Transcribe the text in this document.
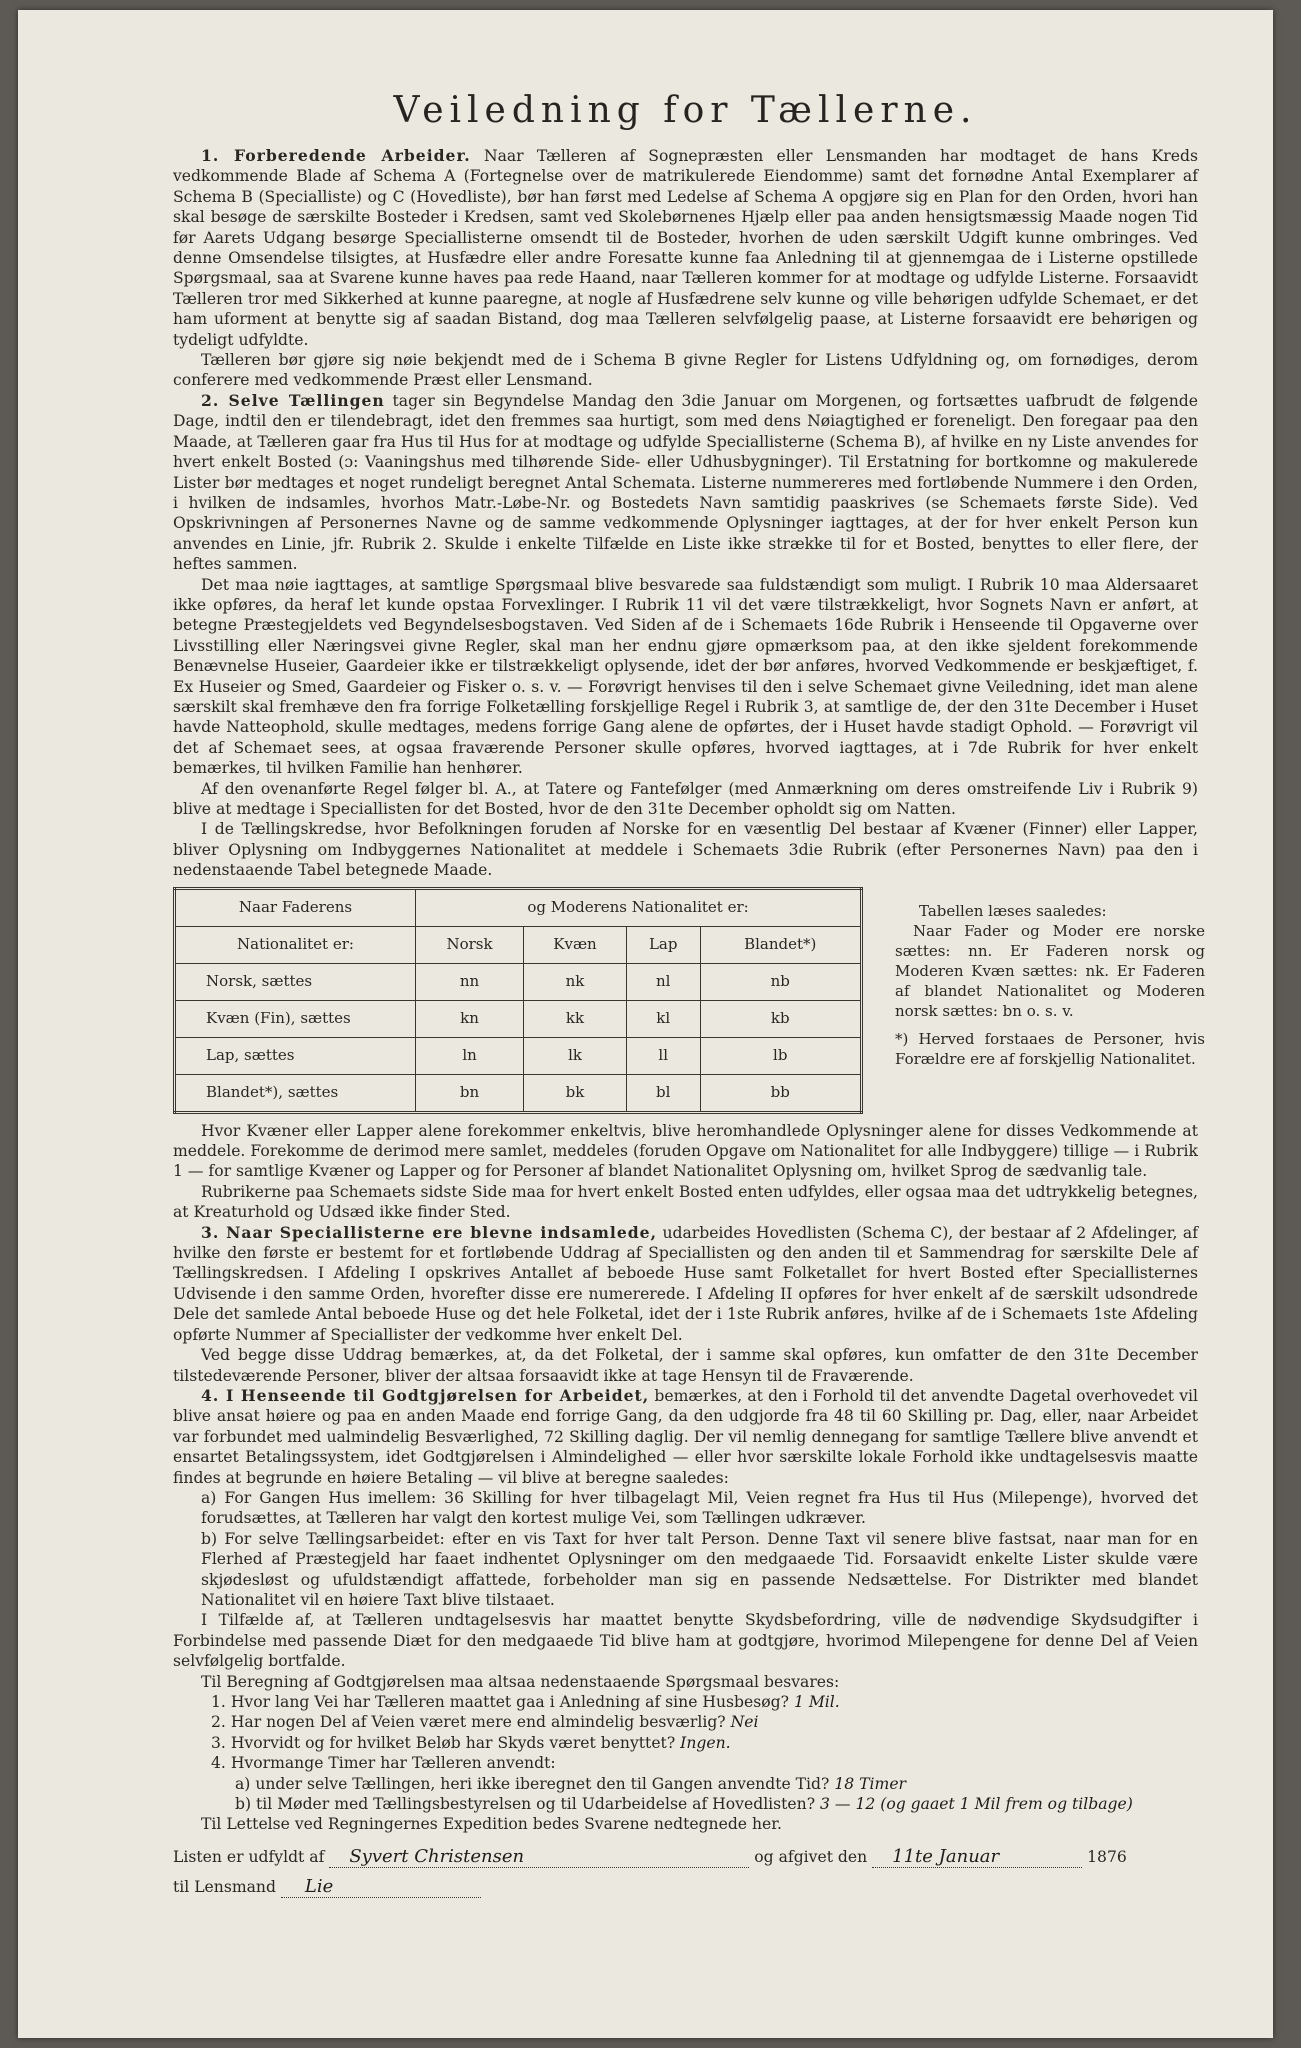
Veiledning for Tællerne.

1. Forberedende Arbeider. Naar Tælleren af Sognepræsten eller Lensmanden har modtaget de hans Kreds vedkommende Blade af Schema A (Fortegnelse over de matrikulerede Eiendomme) samt det fornødne Antal Exemplarer af Schema B (Specialliste) og C (Hovedliste), bør han først med Ledelse af Schema A opgjøre sig en Plan for den Orden, hvori han skal besøge de særskilte Bosteder i Kredsen, samt ved Skolebørnenes Hjælp eller paa anden hensigtsmæssig Maade nogen Tid før Aarets Udgang besørge Speciallisterne omsendt til de Bosteder, hvorhen de uden særskilt Udgift kunne ombringes. Ved denne Omsendelse tilsigtes, at Husfædre eller andre Foresatte kunne faa Anledning til at gjennemgaa de i Listerne opstillede Spørgsmaal, saa at Svarene kunne haves paa rede Haand, naar Tælleren kommer for at modtage og udfylde Listerne. Forsaavidt Tælleren tror med Sikkerhed at kunne paaregne, at nogle af Husfædrene selv kunne og ville behørigen udfylde Schemaet, er det ham uforment at benytte sig af saadan Bistand, dog maa Tælleren selvfølgelig paase, at Listerne forsaavidt ere behørigen og tydeligt udfyldte.

Tælleren bør gjøre sig nøie bekjendt med de i Schema B givne Regler for Listens Udfyldning og, om fornødiges, derom conferere med vedkommende Præst eller Lensmand.

2. Selve Tællingen tager sin Begyndelse Mandag den 3die Januar om Morgenen, og fortsættes uafbrudt de følgende Dage, indtil den er tilendebragt, idet den fremmes saa hurtigt, som med dens Nøiagtighed er foreneligt. Den foregaar paa den Maade, at Tælleren gaar fra Hus til Hus for at modtage og udfylde Speciallisterne (Schema B), af hvilke en ny Liste anvendes for hvert enkelt Bosted (ɔ: Vaaningshus med tilhørende Side- eller Udhusbygninger). Til Erstatning for bortkomne og makulerede Lister bør medtages et noget rundeligt beregnet Antal Schemata. Listerne nummereres med fortløbende Nummere i den Orden, i hvilken de indsamles, hvorhos Matr.-Løbe-Nr. og Bostedets Navn samtidig paaskrives (se Schemaets første Side). Ved Opskrivningen af Personernes Navne og de samme vedkommende Oplysninger iagttages, at der for hver enkelt Person kun anvendes en Linie, jfr. Rubrik 2. Skulde i enkelte Tilfælde en Liste ikke strække til for et Bosted, benyttes to eller flere, der heftes sammen.

Det maa nøie iagttages, at samtlige Spørgsmaal blive besvarede saa fuldstændigt som muligt. I Rubrik 10 maa Aldersaaret ikke opføres, da heraf let kunde opstaa Forvexlinger. I Rubrik 11 vil det være tilstrækkeligt, hvor Sognets Navn er anført, at betegne Præstegjeldets ved Begyndelsesbogstaven. Ved Siden af de i Schemaets 16de Rubrik i Henseende til Opgaverne over Livsstilling eller Næringsvei givne Regler, skal man her endnu gjøre opmærksom paa, at den ikke sjeldent forekommende Benævnelse Huseier, Gaardeier ikke er tilstrækkeligt oplysende, idet der bør anføres, hvorved Vedkommende er beskjæftiget, f. Ex Huseier og Smed, Gaardeier og Fisker o. s. v. — Forøvrigt henvises til den i selve Schemaet givne Veiledning, idet man alene særskilt skal fremhæve den fra forrige Folketælling forskjellige Regel i Rubrik 3, at samtlige de, der den 31te December i Huset havde Natteophold, skulle medtages, medens forrige Gang alene de opførtes, der i Huset havde stadigt Ophold. — Forøvrigt vil det af Schemaet sees, at ogsaa fraværende Personer skulle opføres, hvorved iagttages, at i 7de Rubrik for hver enkelt bemærkes, til hvilken Familie han henhører.

Af den ovenanførte Regel følger bl. A., at Tatere og Fantefølger (med Anmærkning om deres omstreifende Liv i Rubrik 9) blive at medtage i Speciallisten for det Bosted, hvor de den 31te December opholdt sig om Natten.

I de Tællingskredse, hvor Befolkningen foruden af Norske for en væsentlig Del bestaar af Kvæner (Finner) eller Lapper, bliver Oplysning om Indbyggernes Nationalitet at meddele i Schemaets 3die Rubrik (efter Personernes Navn) paa den i nedenstaaende Tabel betegnede Maade.

Naar Faderens	og Moderens Nationalitet er:			
Nationalitet er:	Norsk	Kvæn	Lap	Blandet*)
Norsk, sættes	nn	nk	nl	nb
Kvæn (Fin), sættes	kn	kk	kl	kb
Lap, sættes	ln	lk	ll	lb
Blandet*), sættes	bn	bk	bl	bb

Tabellen læses saaledes:

Naar Fader og Moder ere norske sættes: nn. Er Faderen norsk og Moderen Kvæn sættes: nk. Er Faderen af blandet Nationalitet og Moderen norsk sættes: bn o. s. v.

*) Herved forstaaes de Personer, hvis Forældre ere af forskjellig Nationalitet.

Hvor Kvæner eller Lapper alene forekommer enkeltvis, blive heromhandlede Oplysninger alene for disses Vedkommende at meddele. Forekomme de derimod mere samlet, meddeles (foruden Opgave om Nationalitet for alle Indbyggere) tillige — i Rubrik 1 — for samtlige Kvæner og Lapper og for Personer af blandet Nationalitet Oplysning om, hvilket Sprog de sædvanlig tale.

Rubrikerne paa Schemaets sidste Side maa for hvert enkelt Bosted enten udfyldes, eller ogsaa maa det udtrykkelig betegnes, at Kreaturhold og Udsæd ikke finder Sted.

3. Naar Speciallisterne ere blevne indsamlede, udarbeides Hovedlisten (Schema C), der bestaar af 2 Afdelinger, af hvilke den første er bestemt for et fortløbende Uddrag af Speciallisten og den anden til et Sammendrag for særskilte Dele af Tællingskredsen. I Afdeling I opskrives Antallet af beboede Huse samt Folketallet for hvert Bosted efter Speciallisternes Udvisende i den samme Orden, hvorefter disse ere numererede. I Afdeling II opføres for hver enkelt af de særskilt udsondrede Dele det samlede Antal beboede Huse og det hele Folketal, idet der i 1ste Rubrik anføres, hvilke af de i Schemaets 1ste Afdeling opførte Nummer af Speciallister der vedkomme hver enkelt Del.

Ved begge disse Uddrag bemærkes, at, da det Folketal, der i samme skal opføres, kun omfatter de den 31te December tilstedeværende Personer, bliver der altsaa forsaavidt ikke at tage Hensyn til de Fraværende.

4. I Henseende til Godtgjørelsen for Arbeidet, bemærkes, at den i Forhold til det anvendte Dagetal overhovedet vil blive ansat høiere og paa en anden Maade end forrige Gang, da den udgjorde fra 48 til 60 Skilling pr. Dag, eller, naar Arbeidet var forbundet med ualmindelig Besværlighed, 72 Skilling daglig. Der vil nemlig dennegang for samtlige Tællere blive anvendt et ensartet Betalingssystem, idet Godtgjørelsen i Almindelighed — eller hvor særskilte lokale Forhold ikke undtagelsesvis maatte findes at begrunde en høiere Betaling — vil blive at beregne saaledes:

a) For Gangen Hus imellem: 36 Skilling for hver tilbagelagt Mil, Veien regnet fra Hus til Hus (Milepenge), hvorved det forudsættes, at Tælleren har valgt den kortest mulige Vei, som Tællingen udkræver.

b) For selve Tællingsarbeidet: efter en vis Taxt for hver talt Person. Denne Taxt vil senere blive fastsat, naar man for en Flerhed af Præstegjeld har faaet indhentet Oplysninger om den medgaaede Tid. Forsaavidt enkelte Lister skulde være skjødesløst og ufuldstændigt affattede, forbeholder man sig en passende Nedsættelse. For Distrikter med blandet Nationalitet vil en høiere Taxt blive tilstaaet.

I Tilfælde af, at Tælleren undtagelsesvis har maattet benytte Skydsbefordring, ville de nødvendige Skydsudgifter i Forbindelse med passende Diæt for den medgaaede Tid blive ham at godtgjøre, hvorimod Milepengene for denne Del af Veien selvfølgelig bortfalde.

Til Beregning af Godtgjørelsen maa altsaa nedenstaaende Spørgsmaal besvares:

1. Hvor lang Vei har Tælleren maattet gaa i Anledning af sine Husbesøg? 1 Mil.

2. Har nogen Del af Veien været mere end almindelig besværlig? Nei

3. Hvorvidt og for hvilket Beløb har Skyds været benyttet? Ingen.

4. Hvormange Timer har Tælleren anvendt:

a) under selve Tællingen, heri ikke iberegnet den til Gangen anvendte Tid? 18 Timer

b) til Møder med Tællingsbestyrelsen og til Udarbeidelse af Hovedlisten? 3 — 12 (og gaaet 1 Mil frem og tilbage)

Til Lettelse ved Regningernes Expedition bedes Svarene nedtegnede her.

Listen er udfyldt af Syvert Christensen	og afgivet den 11te Januar	1876
til Lensmand Lie
